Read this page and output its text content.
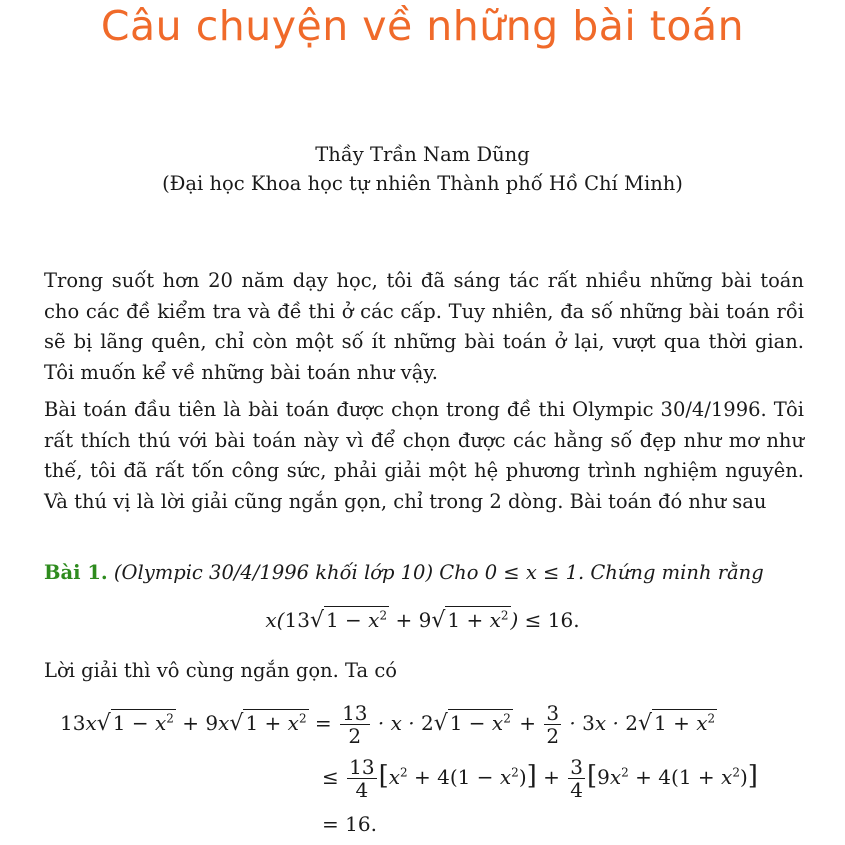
Câu chuyện về những bài toán
Thầy Trần Nam Dũng
(Đại học Khoa học tự nhiên Thành phố Hồ Chí Minh)

Trong suốt hơn 20 năm dạy học, tôi đã sáng tác rất nhiều những bài toán cho các đề kiểm tra và đề thi ở các cấp. Tuy nhiên, đa số những bài toán rồi sẽ bị lãng quên, chỉ còn một số ít những bài toán ở lại, vượt qua thời gian. Tôi muốn kể về những bài toán như vậy.

Bài toán đầu tiên là bài toán được chọn trong đề thi Olympic 30/4/1996. Tôi rất thích thú với bài toán này vì để chọn được các hằng số đẹp như mơ như thế, tôi đã rất tốn công sức, phải giải một hệ phương trình nghiệm nguyên. Và thú vị là lời giải cũng ngắn gọn, chỉ trong 2 dòng. Bài toán đó như sau

Bài 1. (Olympic 30/4/1996 khối lớp 10) Cho 0 ≤ x ≤ 1. Chứng minh rằng

x(13√ $1 - x^2 + 9√$ $1 + x^2$ ) ≤ 16.

Lời giải thì vô cùng ngắn gọn. Ta có

13x√ $1 - x^2 + 9x√$ $1 + x^2 = \frac{13}{2} \cdot x \cdot 2√$ $1 - x^2 + \frac{3}{2} \cdot 3x \cdot 2√$ $1 + x^2$
≤ $\frac{13}{4} [x^2 + 4(1 - x^2)] + \frac{3}{4} [9x^2 + 4(1 + x^2)]$
= 16.
